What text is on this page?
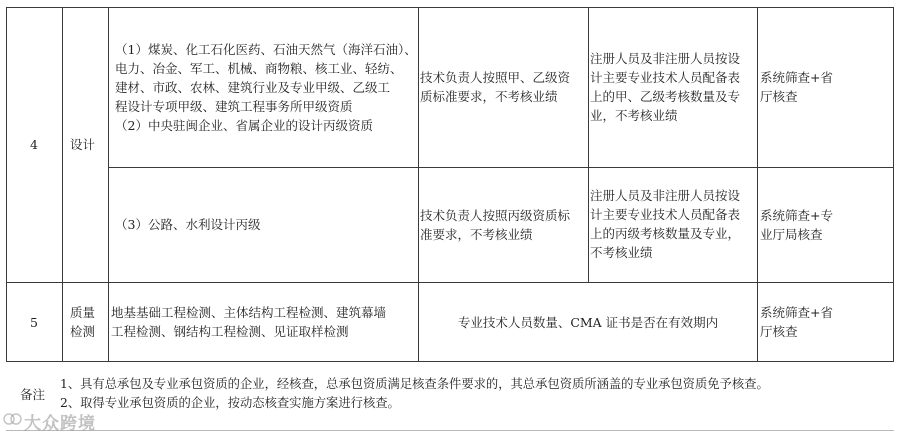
4	设计
（1）煤炭、化工石化医药、石油天然气（海洋石油）、
电力、冶金、军工、机械、商物粮、核工业、轻纺、
建材、市政、农林、建筑行业及专业甲级、乙级工
程设计专项甲级、建筑工程事务所甲级资质
（2）中央驻闽企业、省属企业的设计丙级资质
技术负责人按照甲、乙级资
质标准要求，不考核业绩
注册人员及非注册人员按设
计主要专业技术人员配备表
上的甲、乙级考核数量及专
业，不考核业绩
系统筛查+省
厅核查
（3）公路、水利设计丙级
技术负责人按照丙级资质标
准要求，不考核业绩
注册人员及非注册人员按设
计主要专业技术人员配备表
上的丙级考核数量及专业，
不考核业绩
系统筛查+专
业厅局核查
5
质量
检测
地基基础工程检测、主体结构工程检测、建筑幕墙
工程检测、钢结构工程检测、见证取样检测
专业技术人员数量、CMA 证书是否在有效期内
系统筛查+省
厅核查
备注
1、具有总承包及专业承包资质的企业，经核查，总承包资质满足核查条件要求的，其总承包资质所涵盖的专业承包资质免予核查。
2、取得专业承包资质的企业，按动态核查实施方案进行核查。
大众跨境
